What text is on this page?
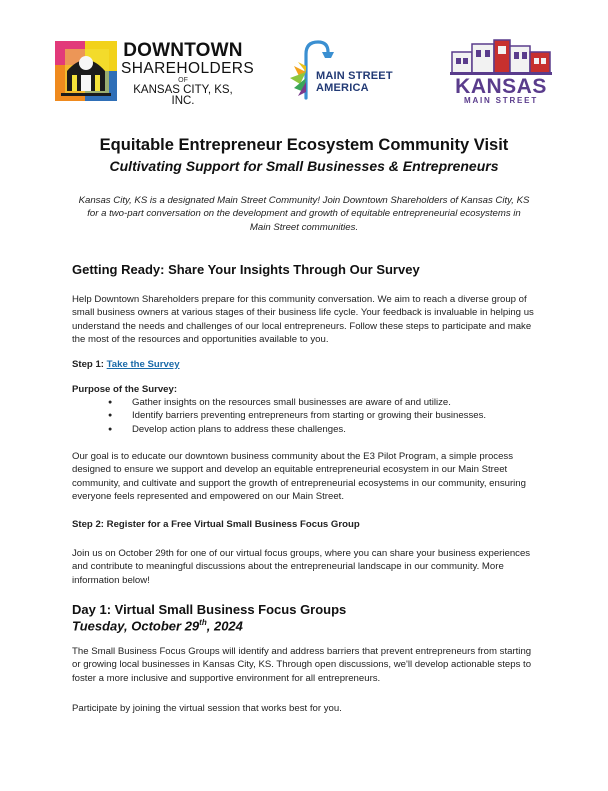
DOWNTOWN
SHAREHOLDERS
OF
KANSAS CITY, KS, INC.
MAIN STREET
AMERICA	KANSAS
MAIN STREET
Equitable Entrepreneur Ecosystem Community Visit
Cultivating Support for Small Businesses & Entrepreneurs

Kansas City, KS is a designated Main Street Community! Join Downtown Shareholders of Kansas City, KS for a two-part conversation on the development and growth of equitable entrepreneurial ecosystems in Main Street communities.

Getting Ready: Share Your Insights Through Our Survey

Help Downtown Shareholders prepare for this community conversation. We aim to reach a diverse group of small business owners at various stages of their business life cycle. Your feedback is invaluable in helping us understand the needs and challenges of our local entrepreneurs. Follow these steps to participate and make the most of the resources and opportunities available to you.

Step 1: Take the Survey

Purpose of the Survey:

● Gather insights on the resources small businesses are aware of and utilize.
● Identify barriers preventing entrepreneurs from starting or growing their businesses.
● Develop action plans to address these challenges.

Our goal is to educate our downtown business community about the E3 Pilot Program, a simple process designed to ensure we support and develop an equitable entrepreneurial ecosystem in our Main Street community, and cultivate and support the growth of entrepreneurial ecosystems in our community, ensuring everyone feels represented and empowered on our Main Street.

Step 2: Register for a Free Virtual Small Business Focus Group

Join us on October 29th for one of our virtual focus groups, where you can share your business experiences and contribute to meaningful discussions about the entrepreneurial landscape in our community. More information below!

Day 1: Virtual Small Business Focus Groups
Tuesday, October 29th, 2024

The Small Business Focus Groups will identify and address barriers that prevent entrepreneurs from starting or growing local businesses in Kansas City, KS. Through open discussions, we'll develop actionable steps to foster a more inclusive and supportive environment for all entrepreneurs.

Participate by joining the virtual session that works best for you.
